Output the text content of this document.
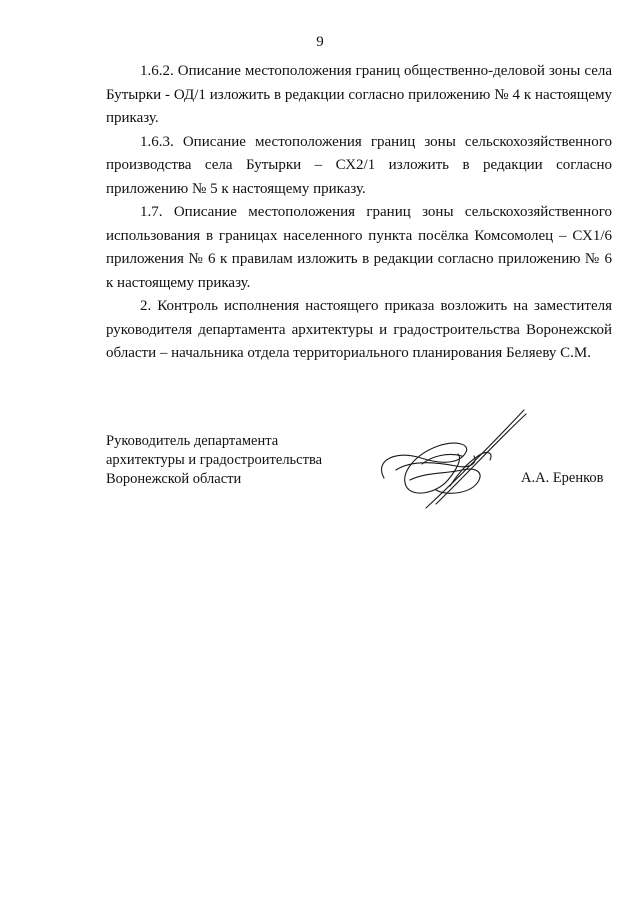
9

1.6.2. Описание местоположения границ общественно-деловой зоны села Бутырки - ОД/1 изложить в редакции согласно приложению № 4 к настоящему приказу.

1.6.3. Описание местоположения границ зоны сельскохозяйственного производства села Бутырки – СХ2/1 изложить в редакции согласно приложению № 5 к настоящему приказу.

1.7. Описание местоположения границ зоны сельскохозяйственного использования в границах населенного пункта посёлка Комсомолец – СХ1/6 приложения № 6 к правилам изложить в редакции согласно приложению № 6 к настоящему приказу.

2. Контроль исполнения настоящего приказа возложить на заместителя руководителя департамента архитектуры и градостроительства Воронежской области – начальника отдела территориального планирования Беляеву С.М.

Руководитель департамента
архитектуры и градостроительства
Воронежской области	А.А. Еренков
